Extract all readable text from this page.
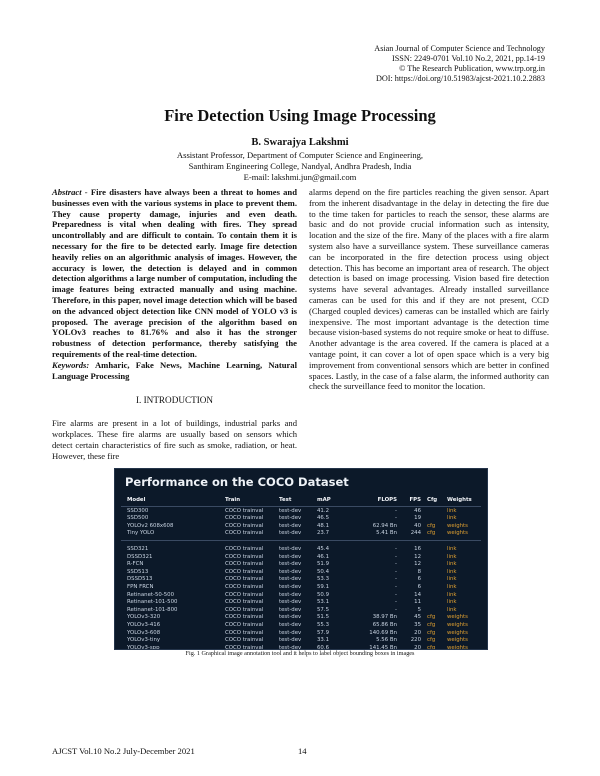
Asian Journal of Computer Science and Technology
ISSN: 2249-0701 Vol.10 No.2, 2021, pp.14-19
© The Research Publication, www.trp.org.in
DOI: https://doi.org/10.51983/ajcst-2021.10.2.2883
Fire Detection Using Image Processing
B. Swarajya Lakshmi
Assistant Professor, Department of Computer Science and Engineering,
Santhiram Engineering College, Nandyal, Andhra Pradesh, India
E-mail: lakshmi.jun@gmail.com

Abstract - Fire disasters have always been a threat to homes and businesses even with the various systems in place to prevent them. They cause property damage, injuries and even death. Preparedness is vital when dealing with fires. They spread uncontrollably and are difficult to contain. To contain them it is necessary for the fire to be detected early. Image fire detection heavily relies on an algorithmic analysis of images. However, the accuracy is lower, the detection is delayed and in common detection algorithms a large number of computation, including the image features being extracted manually and using machine. Therefore, in this paper, novel image detection which will be based on the advanced object detection like CNN model of YOLO v3 is proposed. The average precision of the algorithm based on YOLOv3 reaches to 81.76% and also it has the stronger robustness of detection performance, thereby satisfying the requirements of the real-time detection.

Keywords: Amharic, Fake News, Machine Learning, Natural Language Processing

I. INTRODUCTION

Fire alarms are present in a lot of buildings, industrial parks and workplaces. These fire alarms are usually based on sensors which detect certain characteristics of fire such as smoke, radiation, or heat. However, these fire

alarms depend on the fire particles reaching the given sensor. Apart from the inherent disadvantage in the delay in detecting the fire due to the time taken for particles to reach the sensor, these alarms are basic and do not provide crucial information such as intensity, location and the size of the fire. Many of the places with a fire alarm system also have a surveillance system. These surveillance cameras can be incorporated in the fire detection process using object detection. This has become an important area of research. The object detection is based on image processing. Vision based fire detection systems have several advantages. Already installed surveillance cameras can be used for this and if they are not present, CCD (Charged coupled devices) cameras can be installed which are fairly inexpensive. The most important advantage is the detection time because vision-based systems do not require smoke or heat to diffuse. Another advantage is the area covered. If the camera is placed at a vantage point, it can cover a lot of open space which is a very big improvement from conventional sensors which are better in confined spaces. Lastly, in the case of a false alarm, the informed authority can check the surveillance feed to monitor the location.

Performance on the COCO Dataset
Model	Train	Test	mAP	FLOPS	FPS Cfg	Weights
SSD300	COCO trainval	test-dev	41.2	-	46	link
SSD500	COCO trainval	test-dev	46.5	-	19	link
YOLOv2 608x608	COCO trainval	test-dev	48.1	62.94 Bn	40 cfg	weights
Tiny YOLO	COCO trainval	test-dev	23.7	5.41 Bn	244 cfg	weights
SSD321	COCO trainval	test-dev	45.4	-	16	link
DSSD321	COCO trainval	test-dev	46.1	-	12	link
R-FCN	COCO trainval	test-dev	51.9	-	12	link
SSD513	COCO trainval	test-dev	50.4	-	8	link
DSSD513	COCO trainval	test-dev	53.3	-	6	link
FPN FRCN	COCO trainval	test-dev	59.1	-	6	link
Retinanet-50-500	COCO trainval	test-dev	50.9	-	14	link
Retinanet-101-500	COCO trainval	test-dev	53.1	-	11	link
Retinanet-101-800	COCO trainval	test-dev	57.5	-	5	link
YOLOv3-320	COCO trainval	test-dev	51.5	38.97 Bn	45 cfg	weights
YOLOv3-416	COCO trainval	test-dev	55.3	65.86 Bn	35 cfg	weights
YOLOv3-608	COCO trainval	test-dev	57.9	140.69 Bn	20 cfg	weights
YOLOv3-tiny	COCO trainval	test-dev	33.1	5.56 Bn	220 cfg	weights
YOLOv3-spp	COCO trainval	test-dev	60.6	141.45 Bn	20 cfg	weights
Fig. 1 Graphical image annotation tool and it helps to label object bounding boxes in images
AJCST Vol.10 No.2 July-December 2021	14
